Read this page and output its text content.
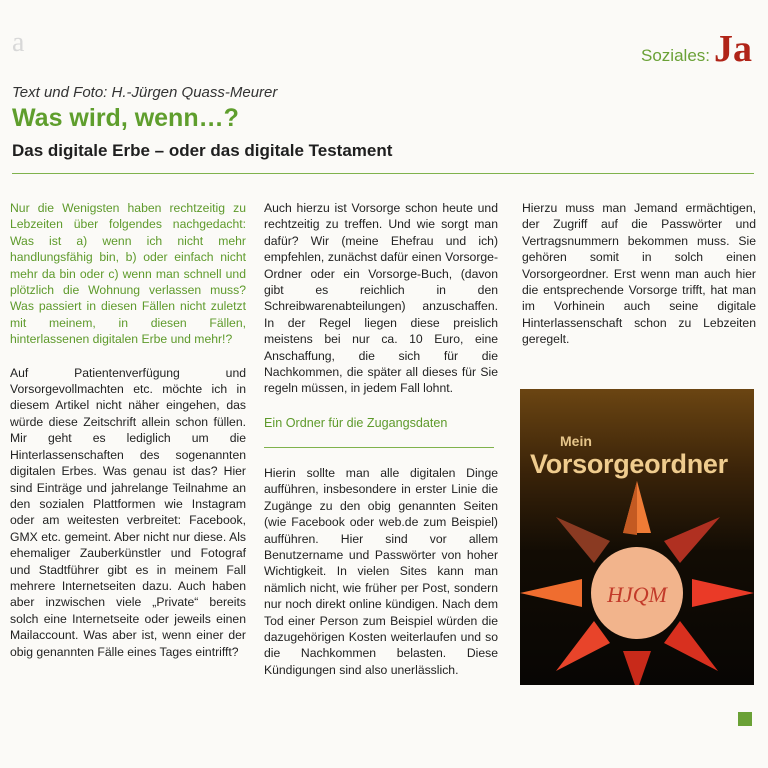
a	Soziales: Ja
Text und Foto: H.-Jürgen Quass-Meurer
Was wird, wenn…?
Das digitale Erbe – oder das digitale Testament

Nur die Wenigsten haben rechtzeitig zu Lebzeiten über folgendes nachgedacht: Was ist a) wenn ich nicht mehr handlungsfähig bin, b) oder einfach nicht mehr da bin oder c) wenn man schnell und plötzlich die Wohnung verlassen muss? Was passiert in diesen Fällen nicht zuletzt mit meinem, in diesen Fällen, hinterlassenen digitalen Erbe und mehr!?

Auf Patientenverfügung und Vorsorgevollmachten etc. möchte ich in diesem Artikel nicht näher eingehen, das würde diese Zeitschrift allein schon füllen. Mir geht es lediglich um die Hinterlassenschaften des sogenannten digitalen Erbes. Was genau ist das? Hier sind Einträge und jahrelange Teilnahme an den sozialen Plattformen wie Instagram oder am weitesten verbreitet: Facebook, GMX etc. gemeint. Aber nicht nur diese. Als ehemaliger Zauberkünstler und Fotograf und Stadtführer gibt es in meinem Fall mehrere Internetseiten dazu. Auch haben aber inzwischen viele „Private“ bereits solch eine Internetseite oder jeweils einen Mailaccount. Was aber ist, wenn einer der obig genannten Fälle eines Tages eintrifft?

Auch hierzu ist Vorsorge schon heute und rechtzeitig zu treffen. Und wie sorgt man dafür? Wir (meine Ehefrau und ich) empfehlen, zunächst dafür einen Vorsorge-Ordner oder ein Vorsorge-Buch, (davon gibt es reichlich in den Schreibwarenabteilungen) anzuschaffen. In der Regel liegen diese preislich meistens bei nur ca. 10 Euro, eine Anschaffung, die sich für die Nachkommen, die später all dieses für Sie regeln müssen, in jedem Fall lohnt.

Ein Ordner für die Zugangsdaten

Hierin sollte man alle digitalen Dinge aufführen, insbesondere in erster Linie die Zugänge zu den obig genannten Seiten (wie Facebook oder web.de zum Beispiel) aufführen. Hier sind vor allem Benutzername und Passwörter von hoher Wichtigkeit. In vielen Sites kann man nämlich nicht, wie früher per Post, sondern nur noch direkt online kündigen. Nach dem Tod einer Person zum Beispiel würden die dazugehörigen Kosten weiterlaufen und so die Nachkommen belasten. Diese Kündigungen sind also unerlässlich.

Hierzu muss man Jemand ermächtigen, der Zugriff auf die Passwörter und Vertragsnummern bekommen muss. Sie gehören somit in solch einen Vorsorgeordner. Erst wenn man auch hier die entsprechende Vorsorge trifft, hat man im Vorhinein auch seine digitale Hinterlassenschaft schon zu Lebzeiten geregelt.

Mein
Vorsorgeordner
HJQM
